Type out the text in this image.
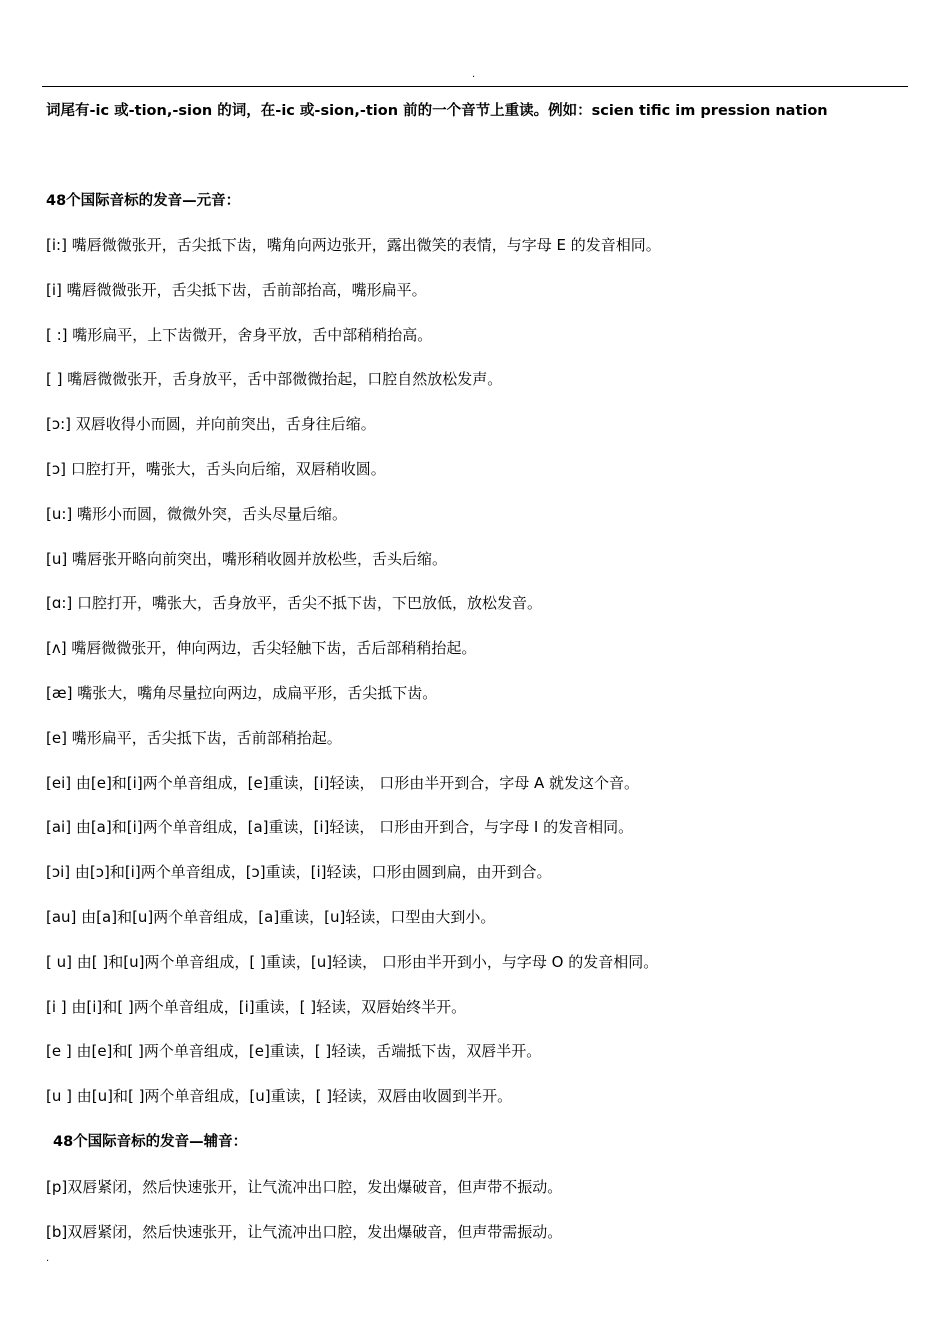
.

词尾有-ic 或-tion,-sion 的词，在-ic 或-sion,-tion 前的一个音节上重读。例如：scien tific im pression nation

48个国际音标的发音—元音：
[i:] 嘴唇微微张开，舌尖抵下齿，嘴角向两边张开，露出微笑的表情，与字母 E 的发音相同。
[i] 嘴唇微微张开，舌尖抵下齿，舌前部抬高，嘴形扁平。
[ :] 嘴形扁平，上下齿微开，舍身平放，舌中部稍稍抬高。
[ ] 嘴唇微微张开，舌身放平，舌中部微微抬起，口腔自然放松发声。
[ɔ:] 双唇收得小而圆，并向前突出，舌身往后缩。
[ɔ] 口腔打开，嘴张大，舌头向后缩，双唇稍收圆。
[u:] 嘴形小而圆，微微外突，舌头尽量后缩。
[u] 嘴唇张开略向前突出，嘴形稍收圆并放松些，舌头后缩。
[ɑ:] 口腔打开，嘴张大，舌身放平，舌尖不抵下齿，下巴放低，放松发音。
[ʌ] 嘴唇微微张开，伸向两边，舌尖轻触下齿，舌后部稍稍抬起。
[æ] 嘴张大，嘴角尽量拉向两边，成扁平形，舌尖抵下齿。
[e] 嘴形扁平，舌尖抵下齿，舌前部稍抬起。
[ei] 由[e]和[i]两个单音组成，[e]重读，[i]轻读， 口形由半开到合，字母 A 就发这个音。
[ai] 由[a]和[i]两个单音组成，[a]重读，[i]轻读， 口形由开到合，与字母 I 的发音相同。
[ɔi] 由[ɔ]和[i]两个单音组成，[ɔ]重读，[i]轻读，口形由圆到扁，由开到合。
[au] 由[a]和[u]两个单音组成，[a]重读，[u]轻读，口型由大到小。
[ u] 由[ ]和[u]两个单音组成，[ ]重读，[u]轻读， 口形由半开到小，与字母 O 的发音相同。
[i ] 由[i]和[ ]两个单音组成，[i]重读，[ ]轻读，双唇始终半开。
[e ] 由[e]和[ ]两个单音组成，[e]重读，[ ]轻读，舌端抵下齿，双唇半开。
[u ] 由[u]和[ ]两个单音组成，[u]重读，[ ]轻读，双唇由收圆到半开。
48个国际音标的发音—辅音：
[p]双唇紧闭，然后快速张开，让气流冲出口腔，发出爆破音，但声带不振动。
[b]双唇紧闭，然后快速张开，让气流冲出口腔，发出爆破音，但声带需振动。
.
